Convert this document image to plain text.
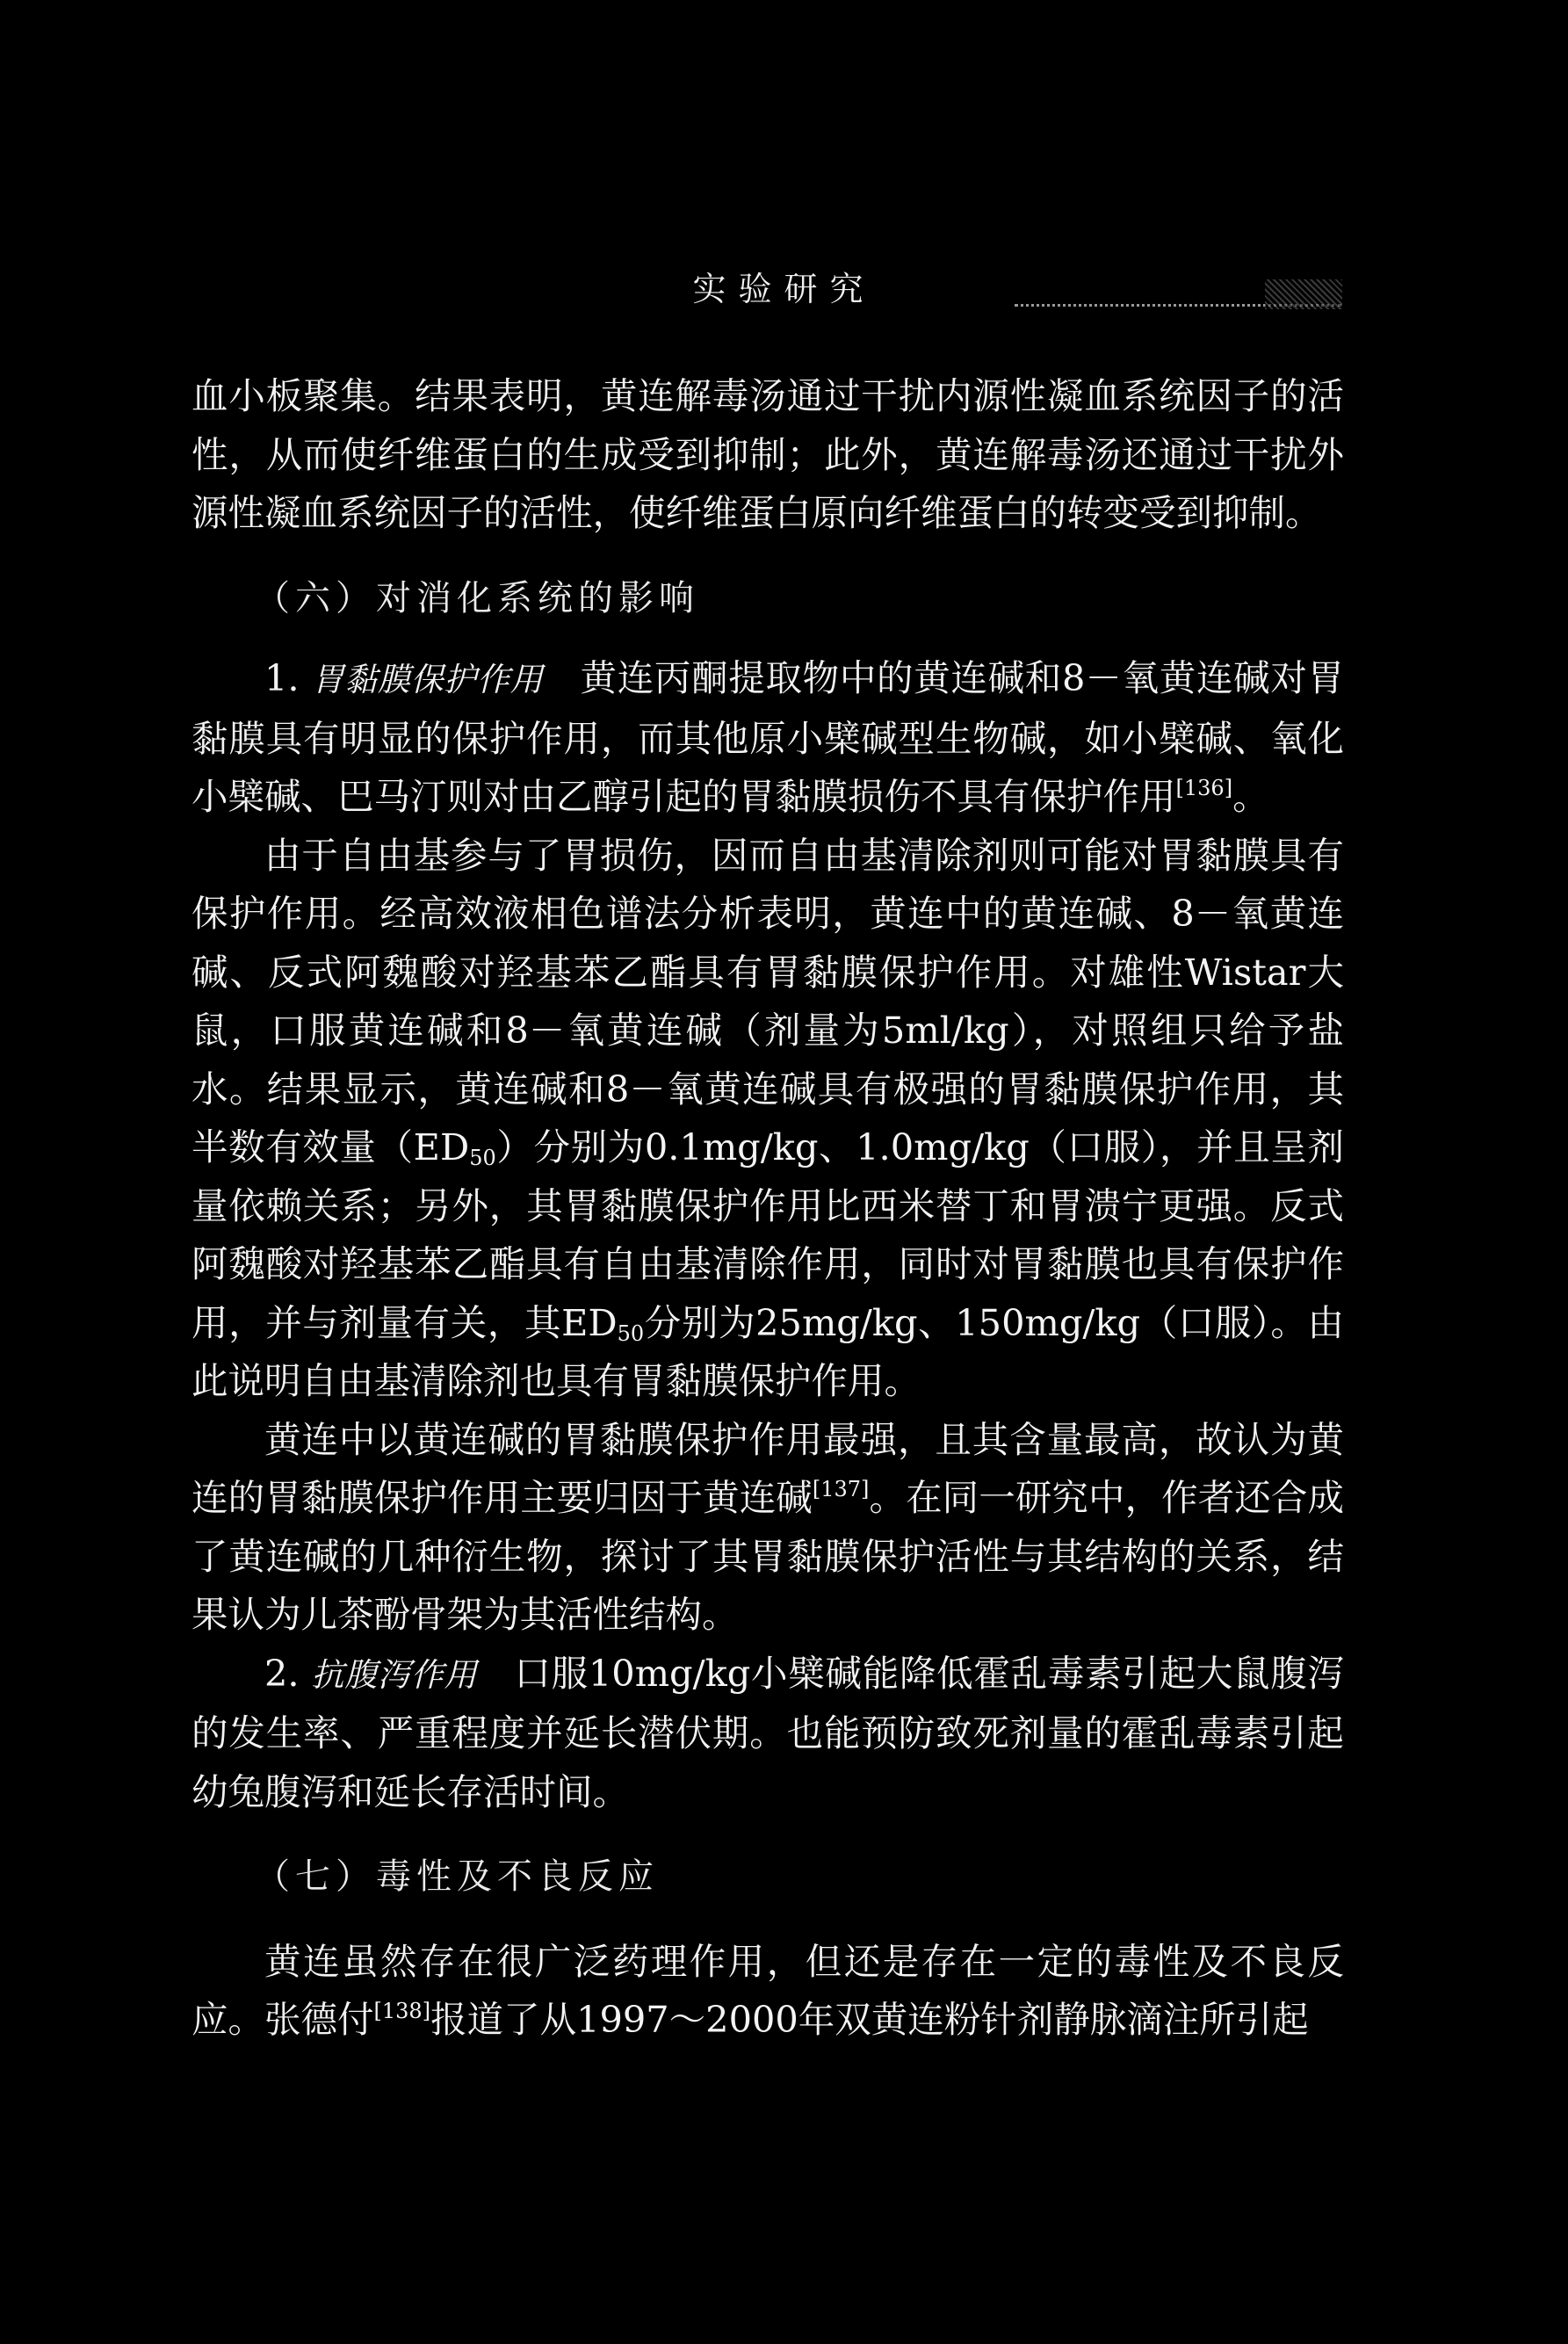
实验研究

血小板聚集。结果表明，黄连解毒汤通过干扰内源性凝血系统因子的活性，从而使纤维蛋白的生成受到抑制；此外，黄连解毒汤还通过干扰外源性凝血系统因子的活性，使纤维蛋白原向纤维蛋白的转变受到抑制。

（六）对消化系统的影响

1. 胃黏膜保护作用　 黄连丙酮提取物中的黄连碱和8－氧黄连碱对胃黏膜具有明显的保护作用，而其他原小檗碱型生物碱，如小檗碱、氧化小檗碱、巴马汀则对由乙醇引起的胃黏膜损伤不具有保护作用[136]。

由于自由基参与了胃损伤，因而自由基清除剂则可能对胃黏膜具有保护作用。经高效液相色谱法分析表明，黄连中的黄连碱、8－氧黄连碱、反式阿魏酸对羟基苯乙酯具有胃黏膜保护作用。对雄性Wistar大鼠，口服黄连碱和8－氧黄连碱（剂量为5ml/kg），对照组只给予盐水。结果显示，黄连碱和8－氧黄连碱具有极强的胃黏膜保护作用，其半数有效量$(ED_{50})$分别为0.1mg/kg、1.0mg/kg（口服），并且呈剂量依赖关系；另外，其胃黏膜保护作用比西米替丁和胃溃宁更强。反式阿魏酸对羟基苯乙酯具有自由基清除作用，同时对胃黏膜也具有保护作用，并与剂量有关，其$ED_{50}$分别为25mg/kg、150mg/kg（口服）。由此说明自由基清除剂也具有胃黏膜保护作用。

黄连中以黄连碱的胃黏膜保护作用最强，且其含量最高，故认为黄连的胃黏膜保护作用主要归因于黄连碱[137]。在同一研究中，作者还合成了黄连碱的几种衍生物，探讨了其胃黏膜保护活性与其结构的关系，结果认为儿茶酚骨架为其活性结构。

2. 抗腹泻作用　 口服10mg/kg小檗碱能降低霍乱毒素引起大鼠腹泻的发生率、严重程度并延长潜伏期。也能预防致死剂量的霍乱毒素引起幼兔腹泻和延长存活时间。

（七）毒性及不良反应

黄连虽然存在很广泛药理作用，但还是存在一定的毒性及不良反应。张德付[138]报道了从1997～2000年双黄连粉针剂静脉滴注所引起
